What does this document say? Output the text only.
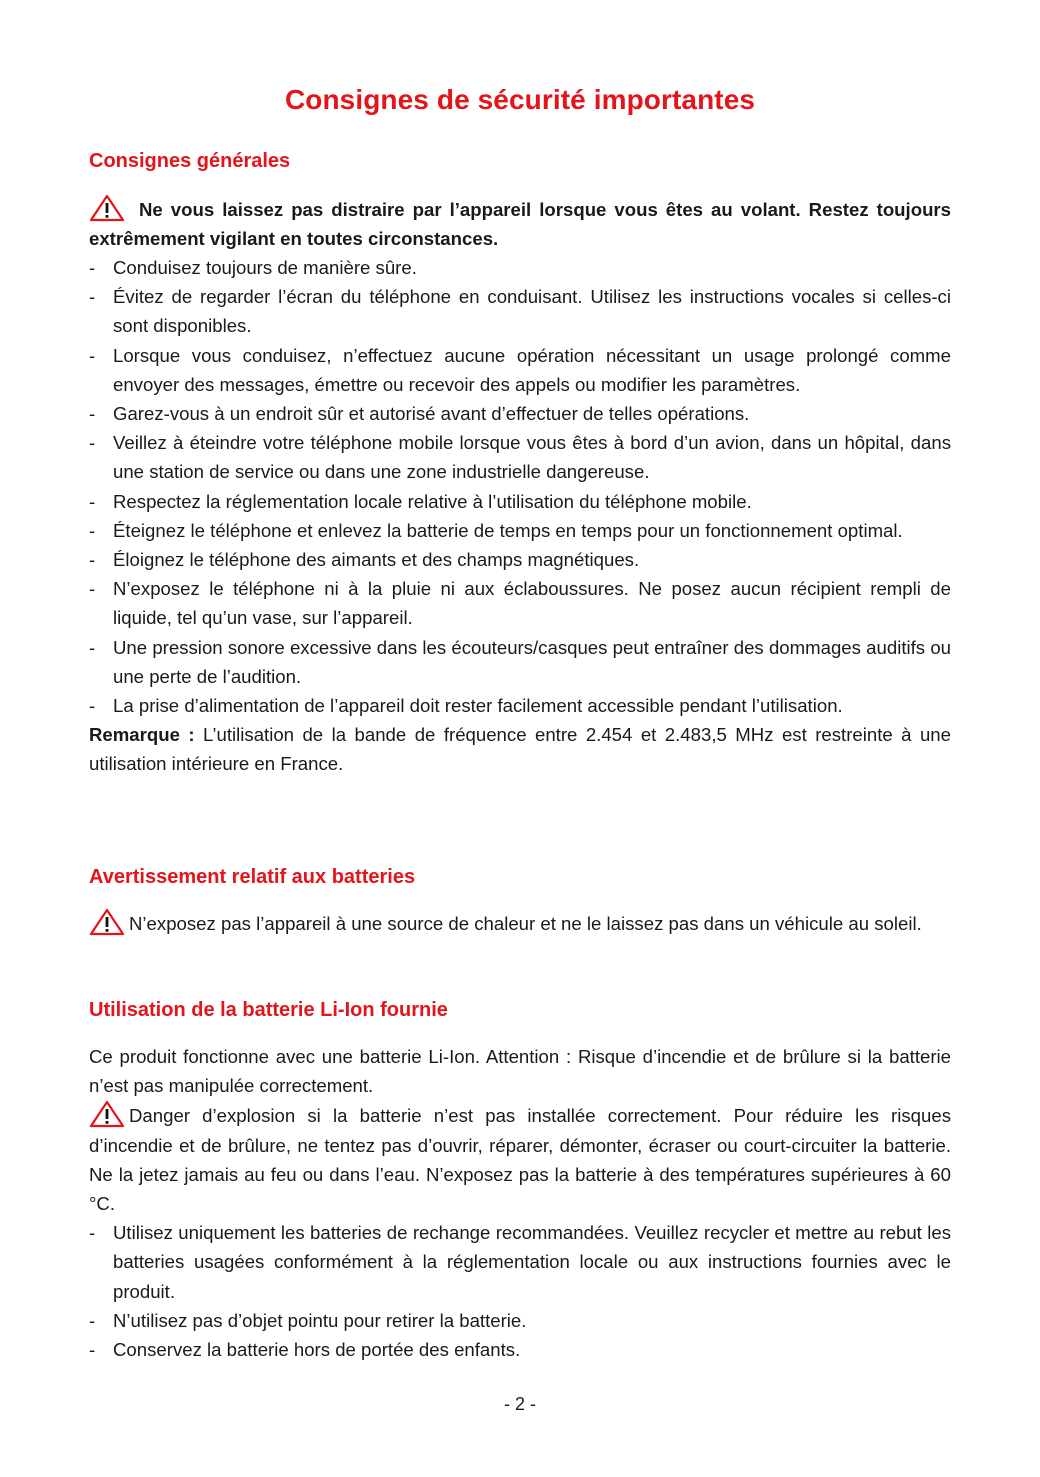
Consignes de sécurité importantes
Consignes générales
Ne vous laissez pas distraire par l’appareil lorsque vous êtes au volant. Restez toujours extrêmement vigilant en toutes circonstances.
- Conduisez toujours de manière sûre.
- Évitez de regarder l’écran du téléphone en conduisant. Utilisez les instructions vocales si celles-ci sont disponibles.
- Lorsque vous conduisez, n’effectuez aucune opération nécessitant un usage prolongé comme envoyer des messages, émettre ou recevoir des appels ou modifier les paramètres.
- Garez-vous à un endroit sûr et autorisé avant d’effectuer de telles opérations.
- Veillez à éteindre votre téléphone mobile lorsque vous êtes à bord d’un avion, dans un hôpital, dans une station de service ou dans une zone industrielle dangereuse.
- Respectez la réglementation locale relative à l’utilisation du téléphone mobile.
- Éteignez le téléphone et enlevez la batterie de temps en temps pour un fonctionnement optimal.
- Éloignez le téléphone des aimants et des champs magnétiques.
- N’exposez le téléphone ni à la pluie ni aux éclaboussures. Ne posez aucun récipient rempli de liquide, tel qu’un vase, sur l’appareil.
- Une pression sonore excessive dans les écouteurs/casques peut entraîner des dommages auditifs ou une perte de l’audition.
- La prise d’alimentation de l’appareil doit rester facilement accessible pendant l’utilisation.
Remarque : L’utilisation de la bande de fréquence entre 2.454 et 2.483,5 MHz est restreinte à une utilisation intérieure en France.
Avertissement relatif aux batteries
N’exposez pas l’appareil à une source de chaleur et ne le laissez pas dans un véhicule au soleil.
Utilisation de la batterie Li-Ion fournie
Ce produit fonctionne avec une batterie Li-Ion. Attention : Risque d’incendie et de brûlure si la batterie n’est pas manipulée correctement.
Danger d’explosion si la batterie n’est pas installée correctement. Pour réduire les risques d’incendie et de brûlure, ne tentez pas d’ouvrir, réparer, démonter, écraser ou court-circuiter la batterie. Ne la jetez jamais au feu ou dans l’eau. N’exposez pas la batterie à des températures supérieures à 60 °C.
- Utilisez uniquement les batteries de rechange recommandées. Veuillez recycler et mettre au rebut les batteries usagées conformément à la réglementation locale ou aux instructions fournies avec le produit.
- N’utilisez pas d’objet pointu pour retirer la batterie.
- Conservez la batterie hors de portée des enfants.
- 2 -
